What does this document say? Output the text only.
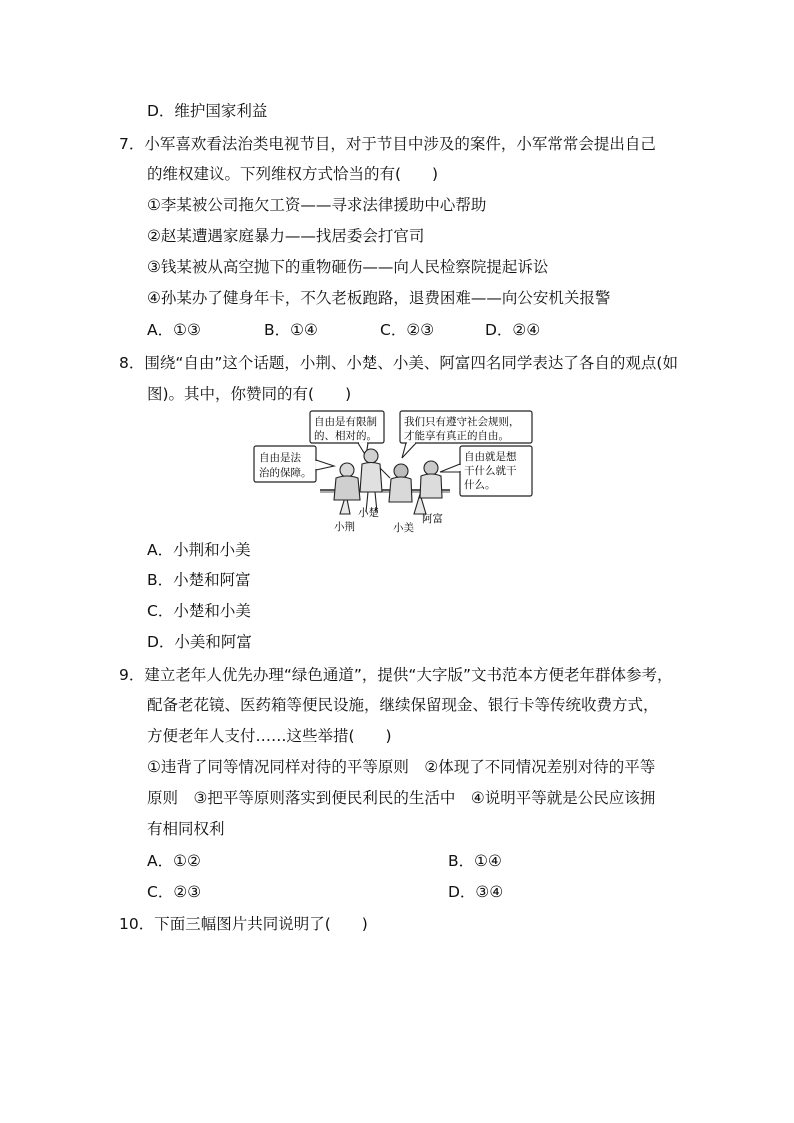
D．维护国家利益
7．小军喜欢看法治类电视节目，对于节目中涉及的案件，小军常常会提出自己
的维权建议。下列维权方式恰当的有(　　)
①李某被公司拖欠工资——寻求法律援助中心帮助
②赵某遭遇家庭暴力——找居委会打官司
③钱某被从高空抛下的重物砸伤——向人民检察院提起诉讼
④孙某办了健身年卡，不久老板跑路，退费困难——向公安机关报警
A．①③	B．①④	C．②③	D．②④
8．围绕“自由”这个话题，小荆、小楚、小美、阿富四名同学表达了各自的观点(如
图)。其中，你赞同的有(　　)
自由是有限制
的、相对的。
我们只有遵守社会规则，
才能享有真正的自由。
自由是法
治的保障。
自由就是想
干什么就干
什么。
小荆
小楚
小美
阿富
A．小荆和小美
B．小楚和阿富
C．小楚和小美
D．小美和阿富
9．建立老年人优先办理“绿色通道”，提供“大字版”文书范本方便老年群体参考，
配备老花镜、医药箱等便民设施，继续保留现金、银行卡等传统收费方式，
方便老年人支付……这些举措(　　)
①违背了同等情况同样对待的平等原则　②体现了不同情况差别对待的平等
原则　③把平等原则落实到便民利民的生活中　④说明平等就是公民应该拥
有相同权利
A．①②	B．①④
C．②③	D．③④
10．下面三幅图片共同说明了(　　)
